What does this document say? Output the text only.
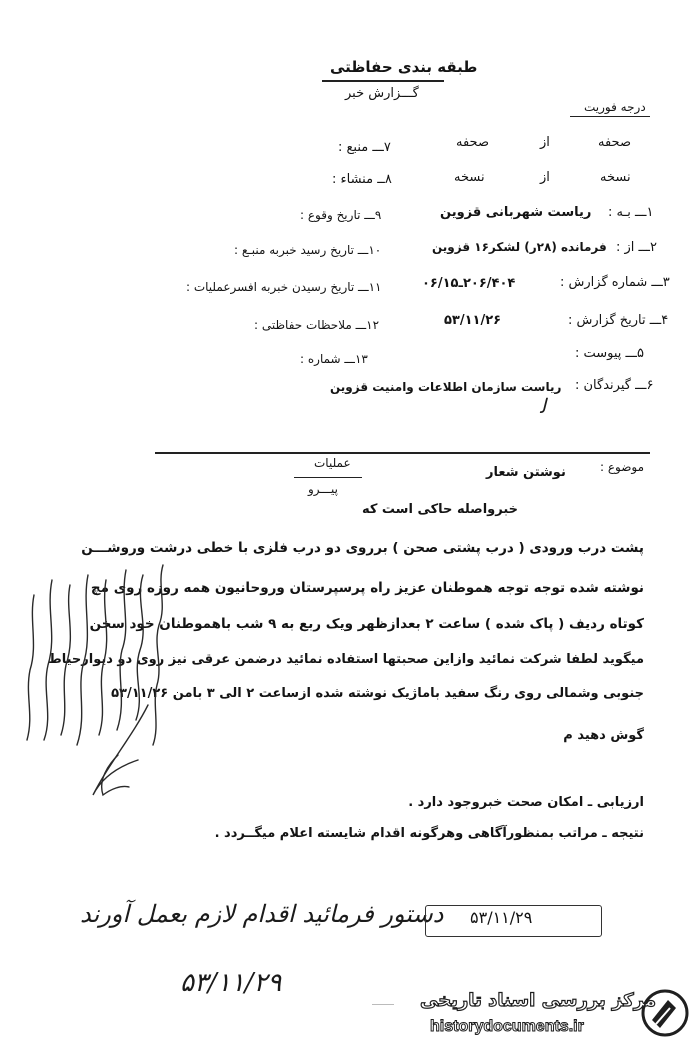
طبقه بندی حفاظتی
گـــزارش خبر
درجه فوریت
صحفه
از
صحفه
۷ـــ منبع :
نسخه
از
نسخه
۸ــ منشاء :
۱ـــ بـه :
ریاست شهربانی قزوین
۹ـــ تاریخ وقوع :
۲ـــ از :
فرمانده (۲۸ر) لشکر۱۶ قزوین
۱۰ـــ تاریخ رسید خبربه منبـع :
۳ـــ شماره گزارش :
۲۰۶/۴۰۴ـ۰۶/۱۵
۱۱ـــ تاریخ رسیدن خبربه افسرعملیات :
۴ـــ تاریخ گزارش :
۵۳/۱۱/۲۶
۱۲ـــ ملاحظات حفاظتی :
۵ـــ پیوست :
۱۳ـــ شماره :
۶ـــ گیرندگان :
ریاست سازمان اطلاعات وامنیت قزوین
ﻟ
موضوع :
نوشتن شعار
عملیات
پیـــرو
خبرواصله حاکی است که
پشت درب ورودی ( درب پشتی صحن ) برروی دو درب فلزی با خطی درشت وروشـــن
نوشته شده توجه توجه هموطنان عزیز راه پرسپرستان وروحانیون همه روزه روی مچ
کوتاه ردیف ( پاک شده ) ساعت ۲ بعدازظهر ویک ربع به ۹ شب باهموطنان خود سخن
میگوید لطفا شرکت نمائید وازاین صحبتها استفاده نمائید درضمن عرقی نیز روی دو دیوارحیاط
جنوبی وشمالی روی رنگ سفید باماژیک نوشته شده ازساعت ۲ الی ۳ بامن ۵۳/۱۱/۲۶
گوش دهید م
ارزیابی ـ امکان صحت خبروجود دارد .
نتیجه ـ مراتب بمنظورآگاهی وهرگونه اقدام شایسته اعلام میگــردد .
دستور فرمائید اقدام لازم بعمل آورند
۵۳/۱۱/۲۹
۵۳/۱۱/۲۹
مرکز بررسی اسناد تاریخی
historydocuments.ir
